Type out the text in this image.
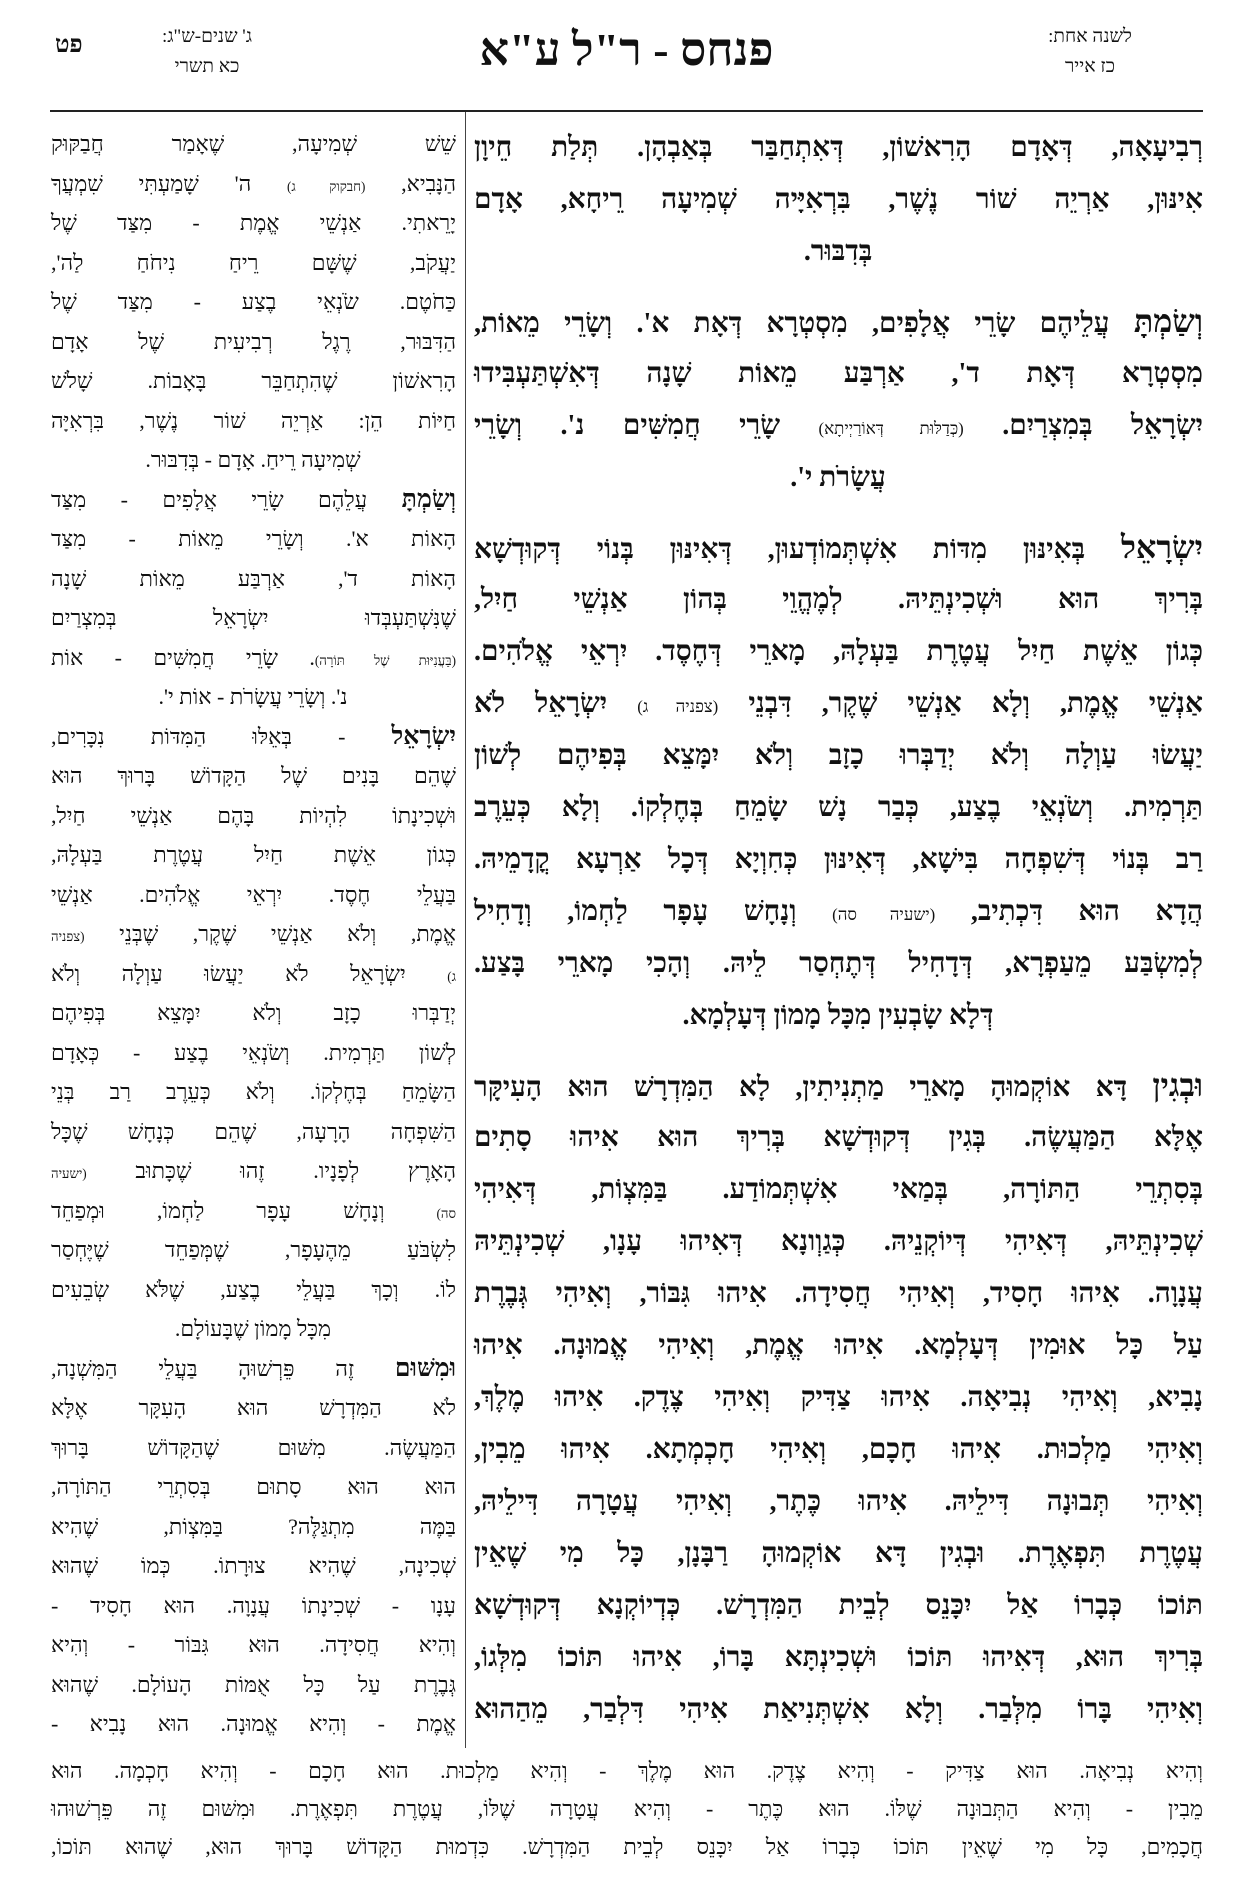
לשנה אחת:
כז אייר
פנחס - ר"ל ע"א
ג' שנים-ש"ג:
כא תשרי
פט
רְבִיעָאָה, דְּאָדָם הָרִאשׁוֹן, דְּאִתְחַבַּר בְּאַבְהָן. תְּלַת חֵיוָן
אִינּוּן, אַרְיֵה שׁוֹר נֶשֶׁר, בִּרְאִיָּיה שְׁמִיעָה רֵיחָא, אָדָם
בְּדִבּוּר.
וְשַׂמְתָּ עֲלֵיהֶם שָׂרֵי אֲלָפִים, מִסְטְרָא דְּאָת א'. וְשָׂרֵי מֵאוֹת,
מִסְטְרָא דְּאָת ד', אַרְבַּע מֵאוֹת שָׁנָה דְּאִשְׁתַּעְבִּידוּ
יִשְׂרָאֵל בְּמִצְרַיִם. (כְּדַלּוּת דְּאוֹרַיְיתָא) שָׂרֵי חֲמִשִּׁים נ'. וְשָׂרֵי
עֲשָׂרֹת י'.
יִשְׂרָאֵל בְּאִינּוּן מִדּוֹת אִשְׁתְּמוֹדְעוּן, דְּאִינּוּן בְּנוֹי דְּקוּדְשָׁא
בְּרִיךְ הוּא וּשְׁכִינְתֵּיהּ. לְמֶהֱוֵי בְּהוֹן אַנְשֵׁי חַיִל,
כְּגוֹן אֵשֶׁת חַיִל עֲטֶרֶת בַּעְלָהּ, מָארֵי דְּחֶסֶד. יִרְאֵי אֱלֹהִים.
אַנְשֵׁי אֱמֶת, וְלָא אַנְשֵׁי שֶׁקֶר, דִּבְנֵי (צפניה ג) יִשְׂרָאֵל לֹא
יַעֲשׂוּ עַוְלָה וְלֹא יְדַבְּרוּ כָזָב וְלֹא יִמָּצֵא בְּפִיהֶם לְשׁוֹן
תַּרְמִית. וְשֹׂנְאֵי בֶצַע, כְּבַר נָשׁ שָׂמֵחַ בְּחֶלְקוֹ. וְלָא כְּעֵרֶב
רַב בְּנוֹי דְּשִׁפְחָה בִּישָׁא, דְּאִינּוּן כְּחִוְיָא דְּכָל אַרְעָא קֳדָמֵיהּ.
הֲדָא הוּא דִּכְתִיב, (ישעיה סה) וְנָחָשׁ עָפָר לַחְמוֹ, וְדָחִיל
לְמִשְׂבַּע מֵעַפְרָא, דְּדָחִיל דְּתֶחְסַר לֵיהּ. וְהָכִי מָארֵי בָּצַע.
דְּלָא שָׂבְעִין מִכָּל מָמוֹן דְּעָלְמָא.
וּבְגִין דָּא אוֹקְמוּהָ מָארֵי מַתְנִיתִין, לָא הַמִּדְרָשׁ הוּא הָעִיקָּר
אֶלָּא הַמַּעֲשֶׂה. בְּגִין דְּקוּדְשָׁא בְּרִיךְ הוּא אִיהוּ סָתִים
בְּסִתְרֵי הַתּוֹרָה, בְּמַאי אִשְׁתְּמוֹדַע. בַּמִּצְוֹת, דְּאִיהִי
שְׁכִינְתֵּיהּ, דְּאִיהִי דְּיוֹקְנֵיהּ. כְּגַוְונָא דְּאִיהוּ עָנָו, שְׁכִינְתֵּיהּ
עֲנָוָה. אִיהוּ חָסִיד, וְאִיהִי חֲסִידָה. אִיהוּ גִּבּוֹר, וְאִיהִי גְּבֶרֶת
עַל כָּל אוּמִין דְּעָלְמָא. אִיהוּ אֱמֶת, וְאִיהִי אֱמוּנָה. אִיהוּ
נָבִיא, וְאִיהִי נְבִיאָה. אִיהוּ צַדִּיק וְאִיהִי צֶדֶק. אִיהוּ מֶלֶךְ,
וְאִיהִי מַלְכוּת. אִיהוּ חָכָם, וְאִיהִי חָכְמְתָא. אִיהוּ מֵבִין,
וְאִיהִי תְּבוּנָה דִּילֵיהּ. אִיהוּ כֶּתֶר, וְאִיהִי עֲטָרָה דִּילֵיהּ,
עֲטֶרֶת תִּפְאֶרֶת. וּבְגִין דָּא אוֹקְמוּהָ רַבָּנָן, כָּל מִי שֶׁאֵין
תּוֹכוֹ כְּבָרוֹ אַל יִכָּנֵס לְבֵית הַמִּדְרָשׁ. כְּדְיוֹקְנָא דְּקוּדְשָׁא
בְּרִיךְ הוּא, דְּאִיהוּ תּוֹכוֹ וּשְׁכִינְתָּא בָּרוֹ, אִיהוּ תּוֹכוֹ מִלְּגוֹ,
וְאִיהִי בָּרוֹ מִלְּבַר. וְלָא אִשְׁתְּנִיאַת אִיהִי דִּלְבַר, מֵהַהוּא
שֵׁשׁ שְׁמִיעָה, שֶׁאָמַר חֲבַקּוּק
הַנָּבִיא, (חבקוק ג) ה' שָׁמַעְתִּי שִׁמְעֲךָ
יָרֵאתִי. אַנְשֵׁי אֱמֶת - מִצַּד שֶׁל
יַעֲקֹב, שֶׁשָּׁם רֵיחַ נִיחֹחַ לַה',
כַּחֹטֶם. שֹׂנְאֵי בֶצַע - מִצַּד שֶׁל
הַדִּבּוּר, רֶגֶל רְבִיעִית שֶׁל אָדָם
הָרִאשׁוֹן שֶׁהִתְחַבֵּר בָּאָבוֹת. שָׁלֹשׁ
חַיּוֹת הֵן: אַרְיֵה שׁוֹר נֶשֶׁר, בִּרְאִיָּה
שְׁמִיעָה רֵיחַ. אָדָם - בְּדִבּוּר.
וְשַׂמְתָּ עֲלֵהֶם שָׂרֵי אֲלָפִים - מִצַּד
הָאוֹת א'. וְשָׂרֵי מֵאוֹת - מִצַּד
הָאוֹת ד', אַרְבַּע מֵאוֹת שָׁנָה
שֶׁנִּשְׁתַּעְבְּדוּ יִשְׂרָאֵל בְּמִצְרַיִם
(בַּעֲנִיּוּת שֶׁל תּוֹרָה). שָׂרֵי חֲמִשִּׁים - אוֹת
נ'. וְשָׂרֵי עֲשָׂרֹת - אוֹת י'.
יִשְׂרָאֵל - בְּאֵלּוּ הַמִּדּוֹת נִכָּרִים,
שֶׁהֵם בָּנִים שֶׁל הַקָּדוֹשׁ בָּרוּךְ הוּא
וּשְׁכִינָתוֹ לִהְיוֹת בָּהֶם אַנְשֵׁי חַיִל,
כְּגוֹן אֵשֶׁת חַיִל עֲטֶרֶת בַּעְלָהּ,
בַּעֲלֵי חֶסֶד. יִרְאֵי אֱלֹהִים. אַנְשֵׁי
אֱמֶת, וְלֹא אַנְשֵׁי שֶׁקֶר, שֶׁבְּנֵי (צפניה
ג) יִשְׂרָאֵל לֹא יַעֲשׂוּ עַוְלָה וְלֹא
יְדַבְּרוּ כָזָב וְלֹא יִמָּצֵא בְּפִיהֶם
לְשׁוֹן תַּרְמִית. וְשֹׂנְאֵי בֶצַע - כְּאָדָם
הַשָּׂמֵחַ בְּחֶלְקוֹ. וְלֹא כְּעֵרֶב רַב בְּנֵי
הַשִּׁפְחָה הָרָעָה, שֶׁהֵם כְּנָחָשׁ שֶׁכָּל
הָאָרֶץ לְפָנָיו. זֶהוּ שֶׁכָּתוּב (ישעיה
סה) וְנָחָשׁ עָפָר לַחְמוֹ, וּמְפַחֵד
לִשְׂבֹּעַ מֵהֶעָפָר, שֶׁמְּפַחֵד שֶׁיֶּחְסַר
לוֹ. וְכָךְ בַּעֲלֵי בֶצַע, שֶׁלֹּא שְׂבֵעִים
מִכָּל מָמוֹן שֶׁבָּעוֹלָם.
וּמִשּׁוּם זֶה פֵּרְשׁוּהָ בַּעֲלֵי הַמִּשְׁנָה,
לֹא הַמִּדְרָשׁ הוּא הָעִקָּר אֶלָּא
הַמַּעֲשֶׂה. מִשּׁוּם שֶׁהַקָּדוֹשׁ בָּרוּךְ
הוּא הוּא סָתוּם בְּסִתְרֵי הַתּוֹרָה,
בַּמֶּה מִתְגַּלֶּה? בַּמִּצְוֹת, שֶׁהִיא
שְׁכִינָה, שֶׁהִיא צוּרָתוֹ. כְּמוֹ שֶׁהוּא
עָנָו - שְׁכִינָתוֹ עֲנָוָה. הוּא חָסִיד -
וְהִיא חֲסִידָה. הוּא גִּבּוֹר - וְהִיא
גְּבֶרֶת עַל כָּל אֻמּוֹת הָעוֹלָם. שֶׁהוּא
אֱמֶת - וְהִיא אֱמוּנָה. הוּא נָבִיא -
וְהִיא נְבִיאָה. הוּא צַדִּיק - וְהִיא צֶדֶק. הוּא מֶלֶךְ - וְהִיא מַלְכוּת. הוּא חָכָם - וְהִיא חָכְמָה. הוּא
מֵבִין - וְהִיא הַתְּבוּנָה שֶׁלּוֹ. הוּא כֶּתֶר - וְהִיא עֲטָרָה שֶׁלּוֹ, עֲטֶרֶת תִּפְאֶרֶת. וּמִשּׁוּם זֶה פֵּרְשׁוּהוּ
חֲכָמִים, כָּל מִי שֶׁאֵין תּוֹכוֹ כְּבָרוֹ אַל יִכָּנֵס לְבֵית הַמִּדְרָשׁ. כִּדְמוּת הַקָּדוֹשׁ בָּרוּךְ הוּא, שֶׁהוּא תּוֹכוֹ,
